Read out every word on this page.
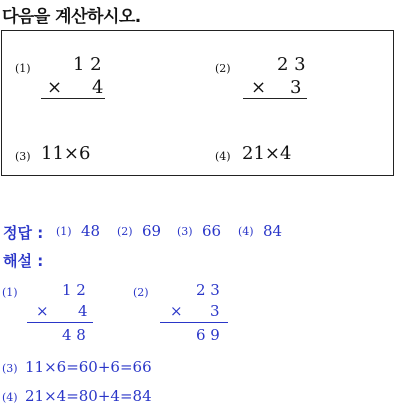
다음을 계산하시오.
(1) 1 2
× 4
(2)	2 3
× 3
(3) 11×6	(4) 21×4
정답 : (1) 48 (2) 69 (3) 66 (4) 84
해설 :
(1)	1 2
× 4
4 8
(2)	2 3
× 3
6 9
(3) 11×6=60+6=66
(4) 21×4=80+4=84
